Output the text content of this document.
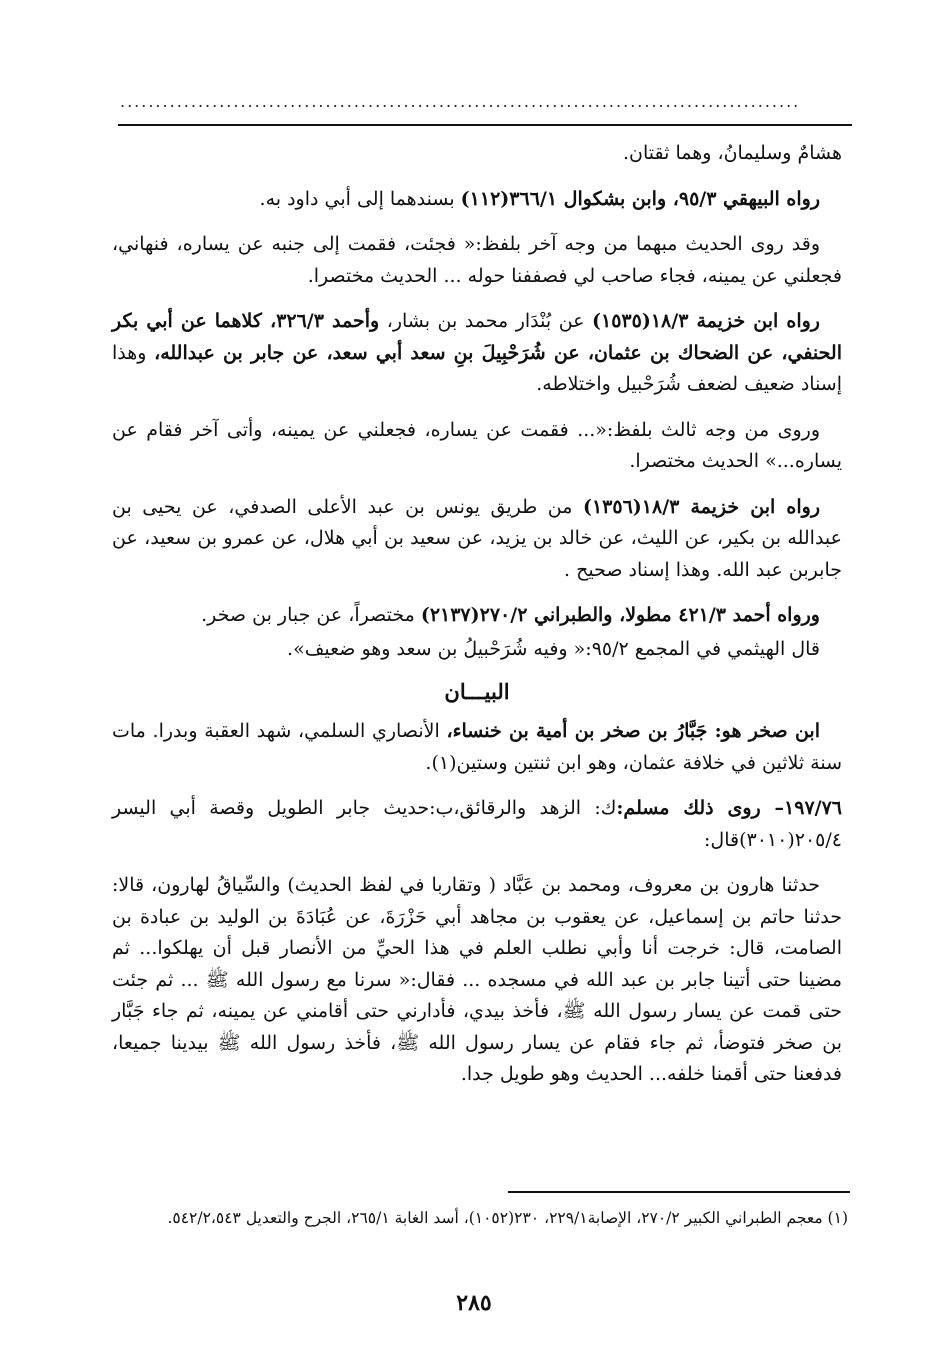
................................................................................................

هشامٌ وسليمانُ، وهما ثقتان.

رواه البيهقي ٩٥/٣، وابن بشكوال ٣٦٦/١(١١٢) بسندهما إلى أبي داود به.

وقد روى الحديث مبهما من وجه آخر بلفظ:« فجئت، فقمت إلى جنبه عن يساره، فنهاني، فجعلني عن يمينه، فجاء صاحب لي فصففنا حوله ... الحديث مختصرا.

رواه ابن خزيمة ١٨/٣(١٥٣٥) عن بُنْدَار محمد بن بشار، وأحمد ٣٢٦/٣، كلاهما عن أبي بكر الحنفي، عن الضحاك بن عثمان، عن شُرَحْبِيلَ بنِ سعد أبي سعد، عن جابر بن عبدالله، وهذا إسناد ضعيف لضعف شُرَحْبيل واختلاطه.

وروى من وجه ثالث بلفظ:«... فقمت عن يساره، فجعلني عن يمينه، وأتى آخر فقام عن يساره...» الحديث مختصرا.

رواه ابن خزيمة ١٨/٣(١٣٥٦) من طريق يونس بن عبد الأعلى الصدفي، عن يحيى بن عبدالله بن بكير، عن الليث، عن خالد بن يزيد، عن سعيد بن أبي هلال، عن عمرو بن سعيد، عن جابربن عبد الله. وهذا إسناد صحيح .

ورواه أحمد ٤٢١/٣ مطولا، والطبراني ٢٧٠/٢(٢١٣٧) مختصراً، عن جبار بن صخر.

قال الهيثمي في المجمع ٩٥/٢:« وفيه شُرَحْبيلُ بن سعد وهو ضعيف».

البيـــان

ابن صخر هو: جَبَّارُ بن صخر بن أمية بن خنساء، الأنصاري السلمي، شهد العقبة وبدرا. مات سنة ثلاثين في خلافة عثمان، وهو ابن ثنتين وستين(١).

١٩٧/٧٦– روى ذلك مسلم:ك: الزهد والرقائق،ب:حديث جابر الطويل وقصة أبي اليسر ٢٠٥/٤(٣٠١٠)قال:

حدثنا هارون بن معروف، ومحمد بن عَبَّاد ( وتقاربا في لفظ الحديث) والسِّياقُ لهارون، قالا: حدثنا حاتم بن إسماعيل، عن يعقوب بن مجاهد أبي حَزْرَةَ، عن عُبَادَةَ بن الوليد بن عبادة بن الصامت، قال: خرجت أنا وأبي نطلب العلم في هذا الحيِّ من الأنصار قبل أن يهلكوا... ثم مضينا حتى أتينا جابر بن عبد الله في مسجده ... فقال:« سرنا مع رسول الله ﷺ ... ثم جئت حتى قمت عن يسار رسول الله ﷺ، فأخذ بيدي، فأدارني حتى أقامني عن يمينه، ثم جاء جَبَّار بن صخر فتوضأ، ثم جاء فقام عن يسار رسول الله ﷺ، فأخذ رسول الله ﷺ بيدينا جميعا، فدفعنا حتى أقمنا خلفه... الحديث وهو طويل جدا.

(١) معجم الطبراني الكبير ٢٧٠/٢، الإصابة٢٢٩/١، ٢٣٠(١٠٥٢)، أسد الغابة ٢٦٥/١، الجرح والتعديل ٥٤٢/٢،٥٤٣.
٢٨٥
